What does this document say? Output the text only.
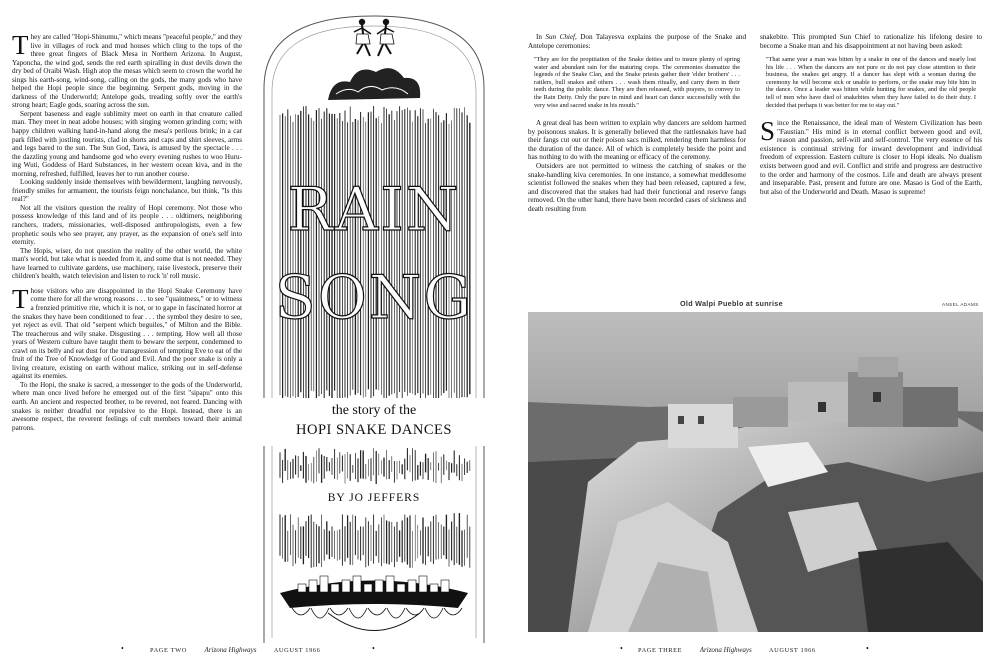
They are called "Hopi-Shinumu," which means "peaceful people," and they live in villages of rock and mud houses which cling to the tops of the three great fingers of Black Mesa in Northern Arizona. In August, Yaponcha, the wind god, sends the red earth spiralling in dust devils down the dry bed of Oraibi Wash. High atop the mesas which seem to crown the world he sings his earth-song, wind-song, calling on the gods, the many gods who have helped the Hopi people since the beginning. Serpent gods, moving in the darkness of the Underworld; Antelope gods, treading softly over the earth's strong heart; Eagle gods, soaring across the sun.

Serpent baseness and eagle sublimity meet on earth in that creature called man. They meet in neat adobe houses; with singing women grinding corn; with happy children walking hand-in-hand along the mesa's perilous brink; in a car park filled with jostling tourists, clad in shorts and caps and shirt sleeves, arms and legs bared to the sun. The Sun God, Tawa, is amused by the spectacle . . . the dazzling young and handsome god who every evening rushes to woo Huru-ing Wuti, Goddess of Hard Substances, in her western ocean kiva, and in the morning, refreshed, fulfilled, leaves her to run another course.

Looking suddenly inside themselves with bewilderment, laughing nervously, friendly smiles for armament, the tourists feign nonchalance, but think, "Is this real?"

Not all the visitors question the reality of Hopi ceremony. Not those who possess knowledge of this land and of its people . . . oldtimers, neighboring ranchers, traders, missionaries, well-disposed anthropologists, even a few prophetic souls who see prayer, any prayer, as the expansion of one's self into eternity.

The Hopis, wiser, do not question the reality of the other world, the white man's world, but take what is needed from it, and some that is not needed. They have learned to cultivate gardens, use machinery, raise livestock, preserve their children's health, watch television and listen to rock 'n' roll music.

Those visitors who are disappointed in the Hopi Snake Ceremony have come there for all the wrong reasons . . . to see "quaintness," or to witness a frenzied primitive rite, which it is not, or to gape in fascinated horror at the snakes they have been conditioned to fear . . . the symbol they desire to see, yet reject as evil. That old "serpent which beguiles," of Milton and the Bible. The treacherous and wily snake. Disgusting . . . tempting. How well all those years of Western culture have taught them to beware the serpent, condemned to crawl on its belly and eat dust for the transgression of tempting Eve to eat of the fruit of the Tree of Knowledge of Good and Evil. And the poor snake is only a living creature, existing on earth without malice, striking out in self-defense against its enemies.

To the Hopi, the snake is sacred, a messenger to the gods of the Underworld, where man once lived before he emerged out of the first "sipapu" onto this earth. An ancient and respected brother, to be revered, not feared. Dancing with snakes is neither dreadful nor repulsive to the Hopi. Instead, there is an awesome respect, the reverent feelings of cult members toward their animal patrons.

RAIN
SONG
the story of the
HOPI SNAKE DANCES
BY JO JEFFERS

In Sun Chief, Don Talayesva explains the purpose of the Snake and Antelope ceremonies:

"They are for the propitiation of the Snake deities and to insure plenty of spring water and abundant rain for the maturing crops. The ceremonies dramatize the legends of the Snake Clan, and the Snake priests gather their 'elder brothers' . . . rattlers, bull snakes and others . . . wash them ritually, and carry them in their teeth during the public dance. They are then released, with prayers, to convey to the Rain Deity. Only the pure in mind and heart can dance successfully with the very wise and sacred snake in his mouth."

A great deal has been written to explain why dancers are seldom harmed by poisonous snakes. It is generally believed that the rattlesnakes have had their fangs cut out or their poison sacs milked, rendering them harmless for the duration of the dance. All of which is completely beside the point and has nothing to do with the meaning or efficacy of the ceremony.

Outsiders are not permitted to witness the catching of snakes or the snake-handling kiva ceremonies. In one instance, a somewhat meddlesome scientist followed the snakes when they had been released, captured a few, and discovered that the snakes had had their functional and reserve fangs removed. On the other hand, there have been recorded cases of sickness and death resulting from

snakebite. This prompted Sun Chief to rationalize his lifelong desire to become a Snake man and his disappointment at not having been asked:

"That same year a man was bitten by a snake in one of the dances and nearly lost his life . . . When the dancers are not pure or do not pay close attention to their business, the snakes get angry. If a dancer has slept with a woman during the ceremony he will become sick or unable to perform, or the snake may bite him in the dance. Once a leader was bitten while hunting for snakes, and the old people tell of men who have died of snakebites when they have failed to do their duty. I decided that perhaps it was better for me to stay out."

Since the Renaissance, the ideal man of Western Civilization has been "Faustian." His mind is in eternal conflict between good and evil, reason and passion, self-will and self-control. The very essence of his existence is continual striving for inward development and individual freedom of expression. Eastern culture is closer to Hopi ideals. No dualism exists between good and evil. Conflict and strife and progress are destructive to the order and harmony of the cosmos. Life and death are always present and inseparable. Past, present and future are one. Masao is God of the Earth, but also of the Underworld and Death. Masao is supreme!

Old Walpi Pueblo at sunrise	ANSEL ADAMS
•	PAGE TWO	Arizona Highways	AUGUST 1966	•	• PAGE THREE	Arizona Highways	AUGUST 1966	•
